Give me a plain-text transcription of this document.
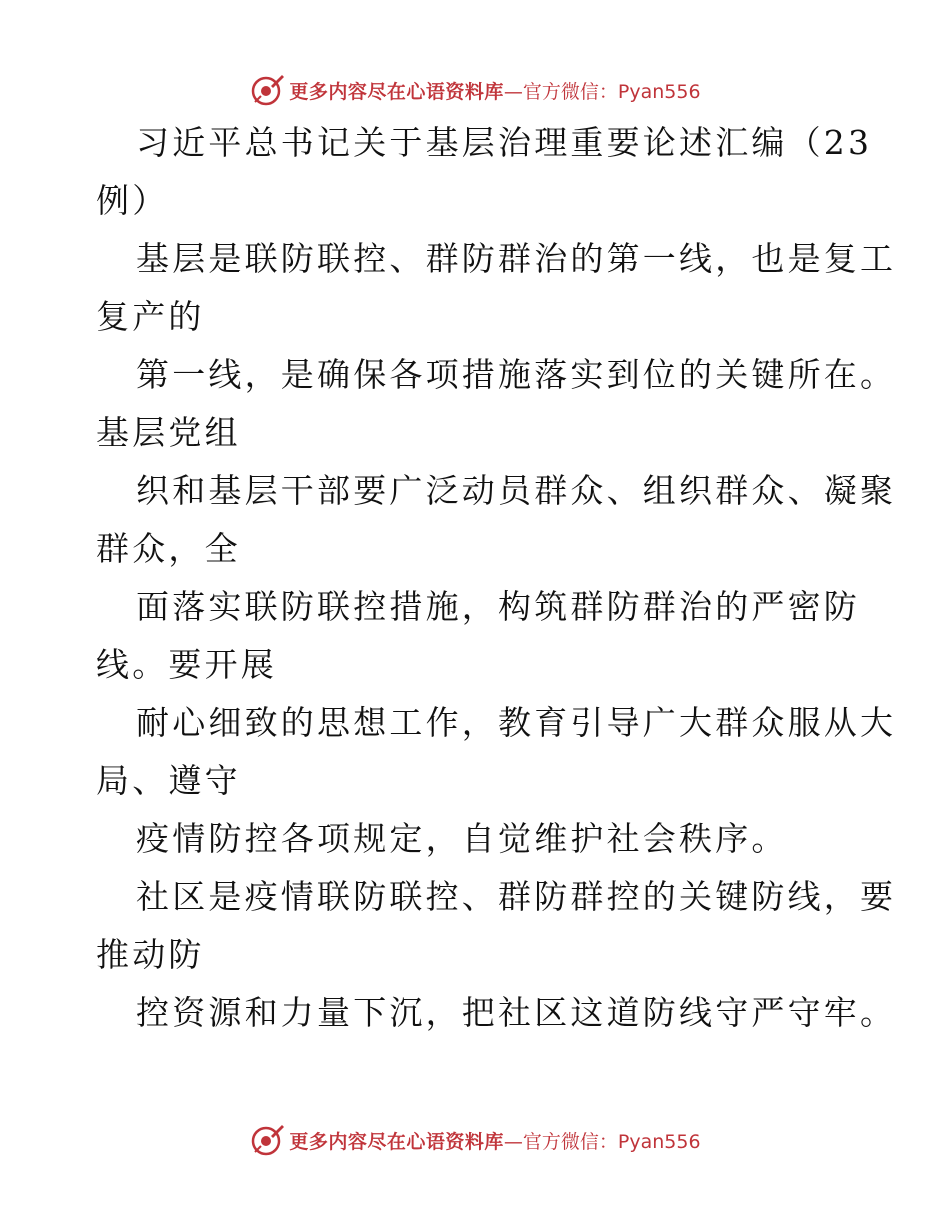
更多内容尽在心语资料库 —官方微信：Pyan556
习近平总书记关于基层治理重要论述汇编（23
例）
基层是联防联控、群防群治的第一线，也是复工
复产的
第一线，是确保各项措施落实到位的关键所在。
基层党组
织和基层干部要广泛动员群众、组织群众、凝聚
群众，全
面落实联防联控措施，构筑群防群治的严密防
线。要开展
耐心细致的思想工作，教育引导广大群众服从大
局、遵守
疫情防控各项规定，自觉维护社会秩序。
社区是疫情联防联控、群防群控的关键防线，要
推动防
控资源和力量下沉，把社区这道防线守严守牢。
更多内容尽在心语资料库 —官方微信：Pyan556
